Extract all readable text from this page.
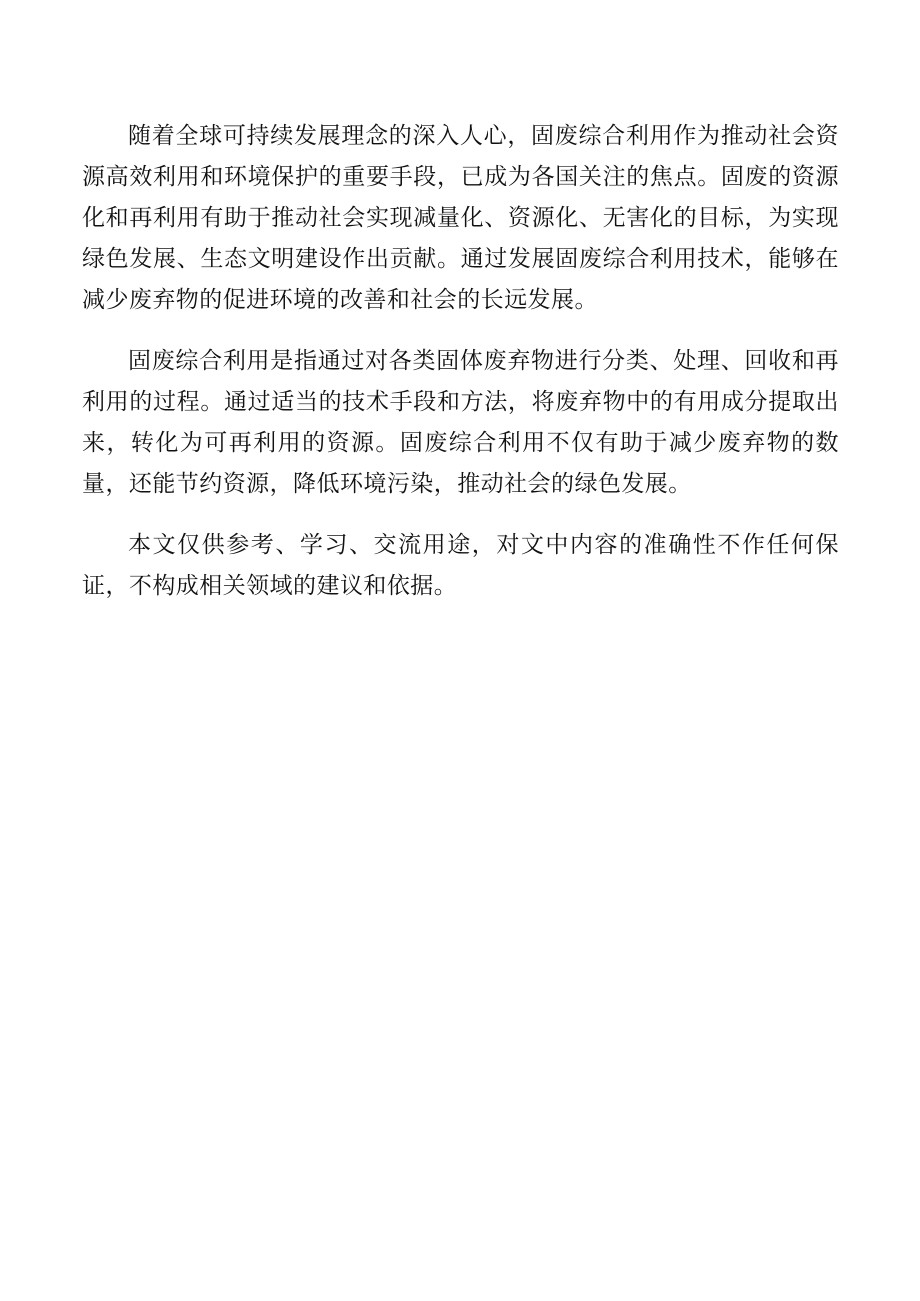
随着全球可持续发展理念的深入人心，固废综合利用作为推动社会资源高效利用和环境保护的重要手段，已成为各国关注的焦点。固废的资源化和再利用有助于推动社会实现减量化、资源化、无害化的目标，为实现绿色发展、生态文明建设作出贡献。通过发展固废综合利用技术，能够在减少废弃物的促进环境的改善和社会的长远发展。

固废综合利用是指通过对各类固体废弃物进行分类、处理、回收和再利用的过程。通过适当的技术手段和方法，将废弃物中的有用成分提取出来，转化为可再利用的资源。固废综合利用不仅有助于减少废弃物的数量，还能节约资源，降低环境污染，推动社会的绿色发展。

本文仅供参考、学习、交流用途，对文中内容的准确性不作任何保证，不构成相关领域的建议和依据。
